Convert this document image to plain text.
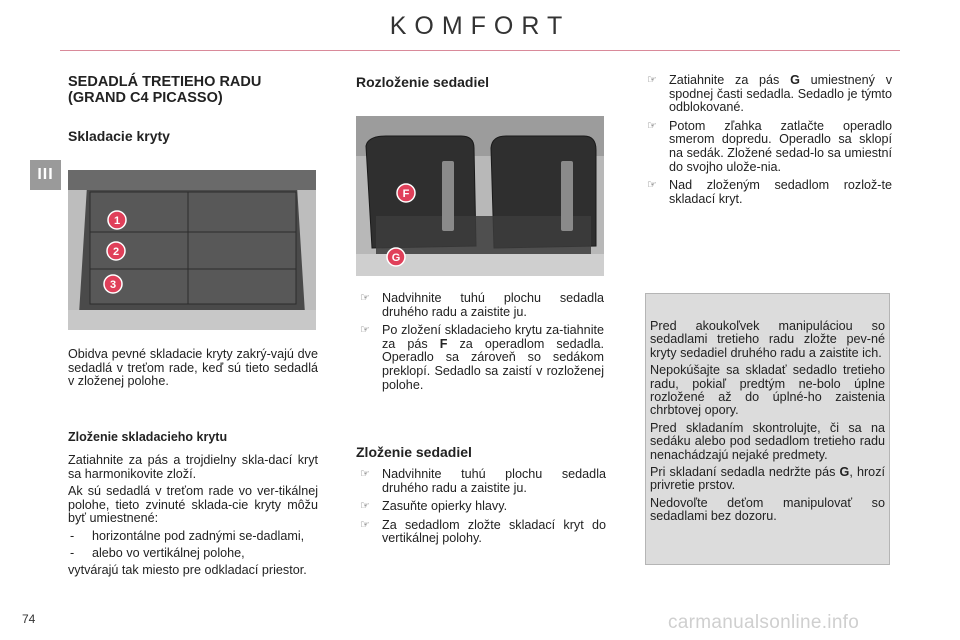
KOMFORT
III
SEDADLÁ TRETIEHO RADU
(GRAND C4 PICASSO)
Skladacie kryty
1
2
3

Obidva pevné skladacie kryty zakrý-vajú dve sedadlá v treťom rade, keď sú tieto sedadlá v zloženej polohe.

Zloženie skladacieho krytu

Zatiahnite za pás a trojdielny skla-dací kryt sa harmonikovite zloží.

Ak sú sedadlá v treťom rade vo ver-tikálnej polohe, tieto zvinuté sklada-cie kryty môžu byť umiestnené:

- horizontálne pod zadnými se-dadlami,
- alebo vo vertikálnej polohe,

vytvárajú tak miesto pre odkladací priestor.

Rozloženie sedadiel
F
G
☞ Nadvihnite tuhú plochu sedadla druhého radu a zaistite ju.
☞ Po zložení skladacieho krytu za-tiahnite za pás F za operadlom sedadla. Operadlo sa zároveň so sedákom preklopí. Sedadlo sa zaistí v rozloženej polohe.
Zloženie sedadiel
☞ Nadvihnite tuhú plochu sedadla druhého radu a zaistite ju.
☞ Zasuňte opierky hlavy.
☞ Za sedadlom zložte skladací kryt do vertikálnej polohy.
☞ Zatiahnite za pás G umiestnený v spodnej časti sedadla. Sedadlo je týmto odblokované.
☞ Potom zľahka zatlačte operadlo smerom dopredu. Operadlo sa sklopí na sedák. Zložené sedad-lo sa umiestní do svojho ulože-nia.
☞ Nad zloženým sedadlom rozlož-te skladací kryt.

Pred akoukoľvek manipuláciou so sedadlami tretieho radu zložte pev-né kryty sedadiel druhého radu a zaistite ich.

Nepokúšajte sa skladať sedadlo tretieho radu, pokiaľ predtým ne-bolo úplne rozložené až do úplné-ho zaistenia chrbtovej opory.

Pred skladaním skontrolujte, či sa na sedáku alebo pod sedadlom tretieho radu nenachádzajú nejaké predmety.

Pri skladaní sedadla nedržte pás G, hrozí privretie prstov.

Nedovoľte deťom manipulovať so sedadlami bez dozoru.

74	carmanualsonline.info
